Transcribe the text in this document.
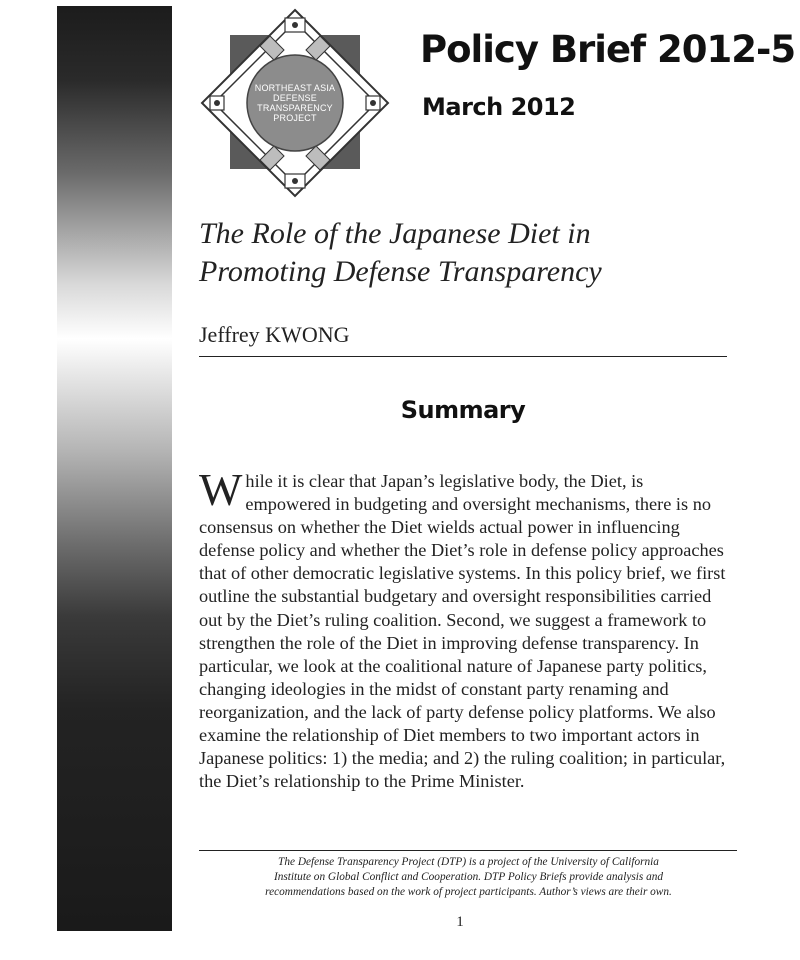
NORTHEAST ASIA
DEFENSE
TRANSPARENCY
PROJECT
Policy Brief 2012-5
March 2012
The Role of the Japanese Diet in
Promoting Defense Transparency
Jeffrey KWONG
Summary
While it is clear that Japan’s legislative body, the Diet, is empowered in budgeting and oversight mechanisms, there is no consensus on whether the Diet wields actual power in influencing defense policy and whether the Diet’s role in defense policy approaches that of other democratic legislative systems. In this policy brief, we first outline the substantial budgetary and oversight responsibilities carried out by the Diet’s ruling coalition. Second, we suggest a framework to strengthen the role of the Diet in improving defense transparency. In particular, we look at the coalitional nature of Japanese party politics, changing ideologies in the midst of constant party renaming and reorganization, and the lack of party defense policy platforms. We also examine the relationship of Diet members to two important actors in Japanese politics: 1) the media; and 2) the ruling coalition; in particular, the Diet’s relationship to the Prime Minister.
The Defense Transparency Project (DTP) is a project of the University of California
Institute on Global Conflict and Cooperation. DTP Policy Briefs provide analysis and
recommendations based on the work of project participants. Author’s views are their own.
1
